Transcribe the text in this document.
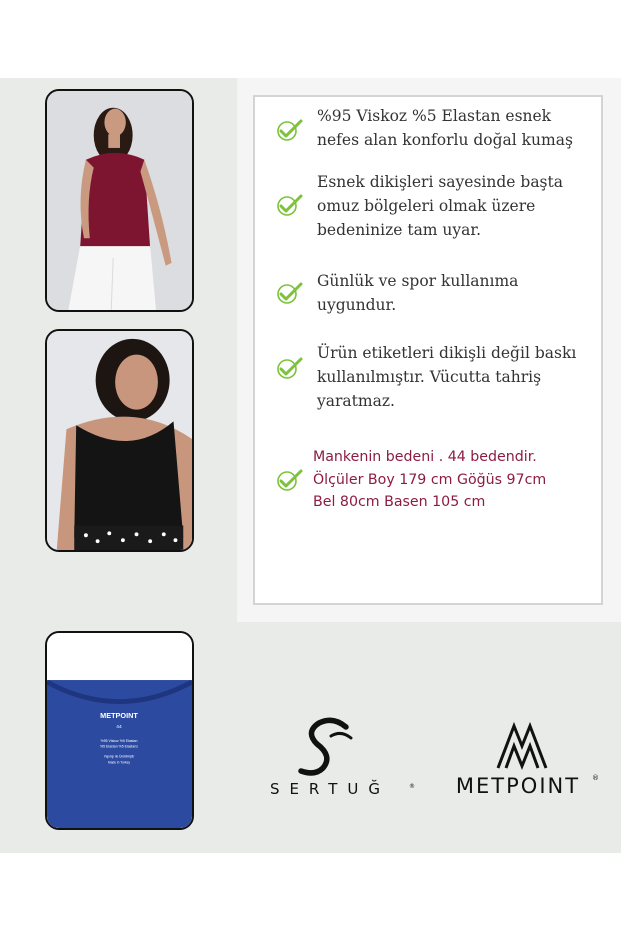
METPOINT
44
%95 Viskoz %5 Elastan
%5 Elastan %5 Elastanz
Yapılışı ile Üretilmiştir
Made in Turkey
%95 Viskoz %5 Elastan esnek
nefes alan konforlu doğal kumaş
Esnek dikişleri sayesinde başta
omuz bölgeleri olmak üzere
bedeninize tam uyar.
Günlük ve spor kullanıma
uygundur.
Ürün etiketleri dikişli değil baskı
kullanılmıştır. Vücutta tahriş
yaratmaz.
Mankenin bedeni . 44 bedendir.
Ölçüler Boy 179 cm Göğüs 97cm
Bel 80cm Basen 105 cm
SERTUĞ	® METPOINT ®
